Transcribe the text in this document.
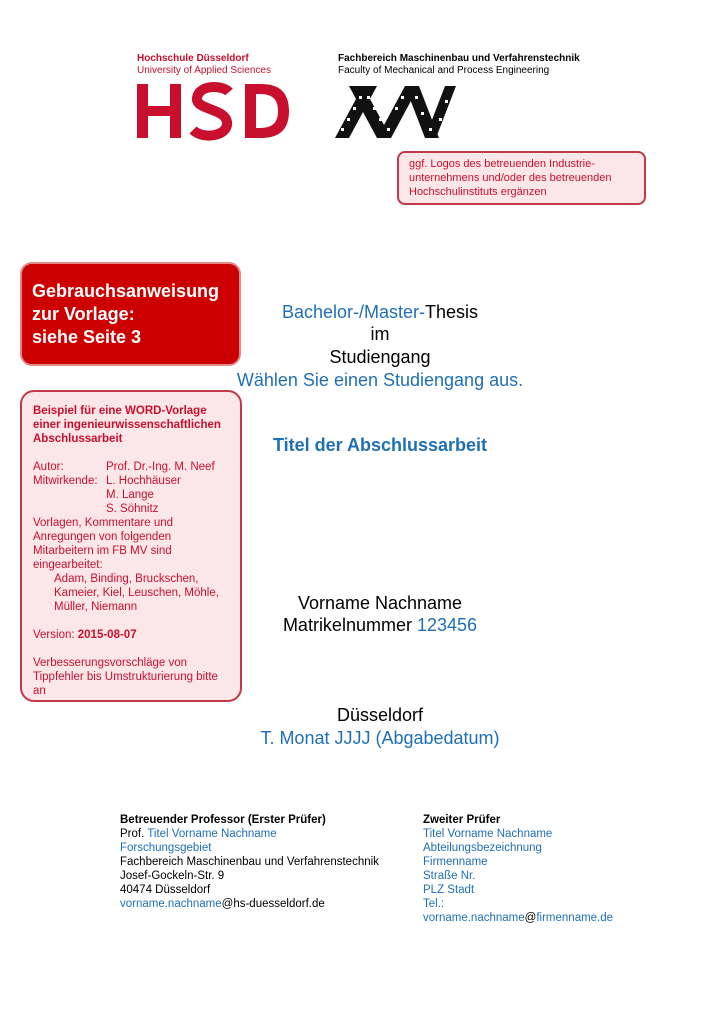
Hochschule Düsseldorf
University of Applied Sciences
Fachbereich Maschinenbau und Verfahrenstechnik
Faculty of Mechanical and Process Engineering
ggf. Logos des betreuenden Industrie-unternehmens und/oder des betreuenden Hochschulinstituts ergänzen
Gebrauchsanweisung
zur Vorlage:
siehe Seite 3

Beispiel für eine WORD-Vorlage einer ingenieurwissenschaftlichen Abschlussarbeit

Autor:	Prof. Dr.-Ing. M. Neef
Mitwirkende: L. Hochhäuser
M. Lange
S. Söhnitz

Vorlagen, Kommentare und Anregungen von folgenden Mitarbeitern im FB MV sind eingearbeitet:

Adam, Binding, Bruckschen, Kameier, Kiel, Leuschen, Möhle, Müller, Niemann

Version: 2015-08-07

Verbesserungsvorschläge von Tippfehler bis Umstrukturierung bitte an

Bachelor-/Master-Thesis
im
Studiengang
Wählen Sie einen Studiengang aus.
Titel der Abschlussarbeit
Vorname Nachname
Matrikelnummer 123456
Düsseldorf
T. Monat JJJJ (Abgabedatum)
Betreuender Professor (Erster Prüfer)
Prof. Titel Vorname Nachname
Forschungsgebiet
Fachbereich Maschinenbau und Verfahrenstechnik
Josef-Gockeln-Str. 9
40474 Düsseldorf
vorname.nachname@hs-duesseldorf.de
Zweiter Prüfer
Titel Vorname Nachname
Abteilungsbezeichnung
Firmenname
Straße Nr.
PLZ Stadt
Tel.:
vorname.nachname@firmenname.de
